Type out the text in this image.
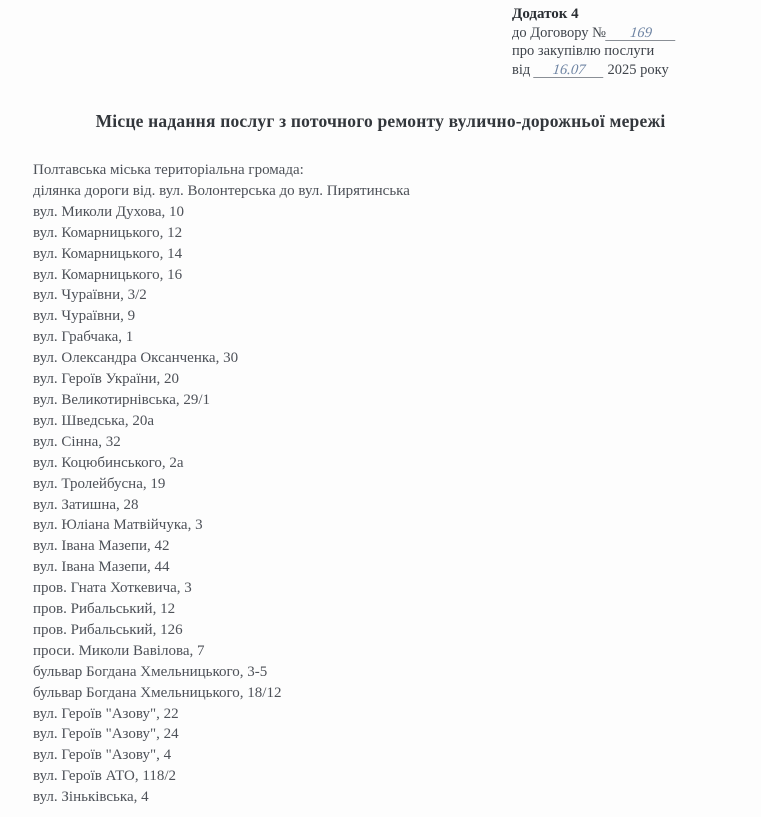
Додаток 4
до Договору № 169
про закупівлю послуги
від 16.07 2025 року
Місце надання послуг з поточного ремонту вулично-дорожньої мережі
Полтавська міська територіальна громада:
ділянка дороги від. вул. Волонтерська до вул. Пирятинська
вул. Миколи Духова, 10
вул. Комарницького, 12
вул. Комарницького, 14
вул. Комарницького, 16
вул. Чураївни, 3/2
вул. Чураївни, 9
вул. Грабчака, 1
вул. Олександра Оксанченка, 30
вул. Героїв України, 20
вул. Великотирнівська, 29/1
вул. Шведська, 20а
вул. Сінна, 32
вул. Коцюбинського, 2а
вул. Тролейбусна, 19
вул. Затишна, 28
вул. Юліана Матвійчука, 3
вул. Івана Мазепи, 42
вул. Івана Мазепи, 44
пров. Гната Хоткевича, 3
пров. Рибальський, 12
пров. Рибальський, 126
проси. Миколи Вавілова, 7
бульвар Богдана Хмельницького, 3-5
бульвар Богдана Хмельницького, 18/12
вул. Героїв "Азову", 22
вул. Героїв "Азову", 24
вул. Героїв "Азову", 4
вул. Героїв АТО, 118/2
вул. Зіньківська, 4
